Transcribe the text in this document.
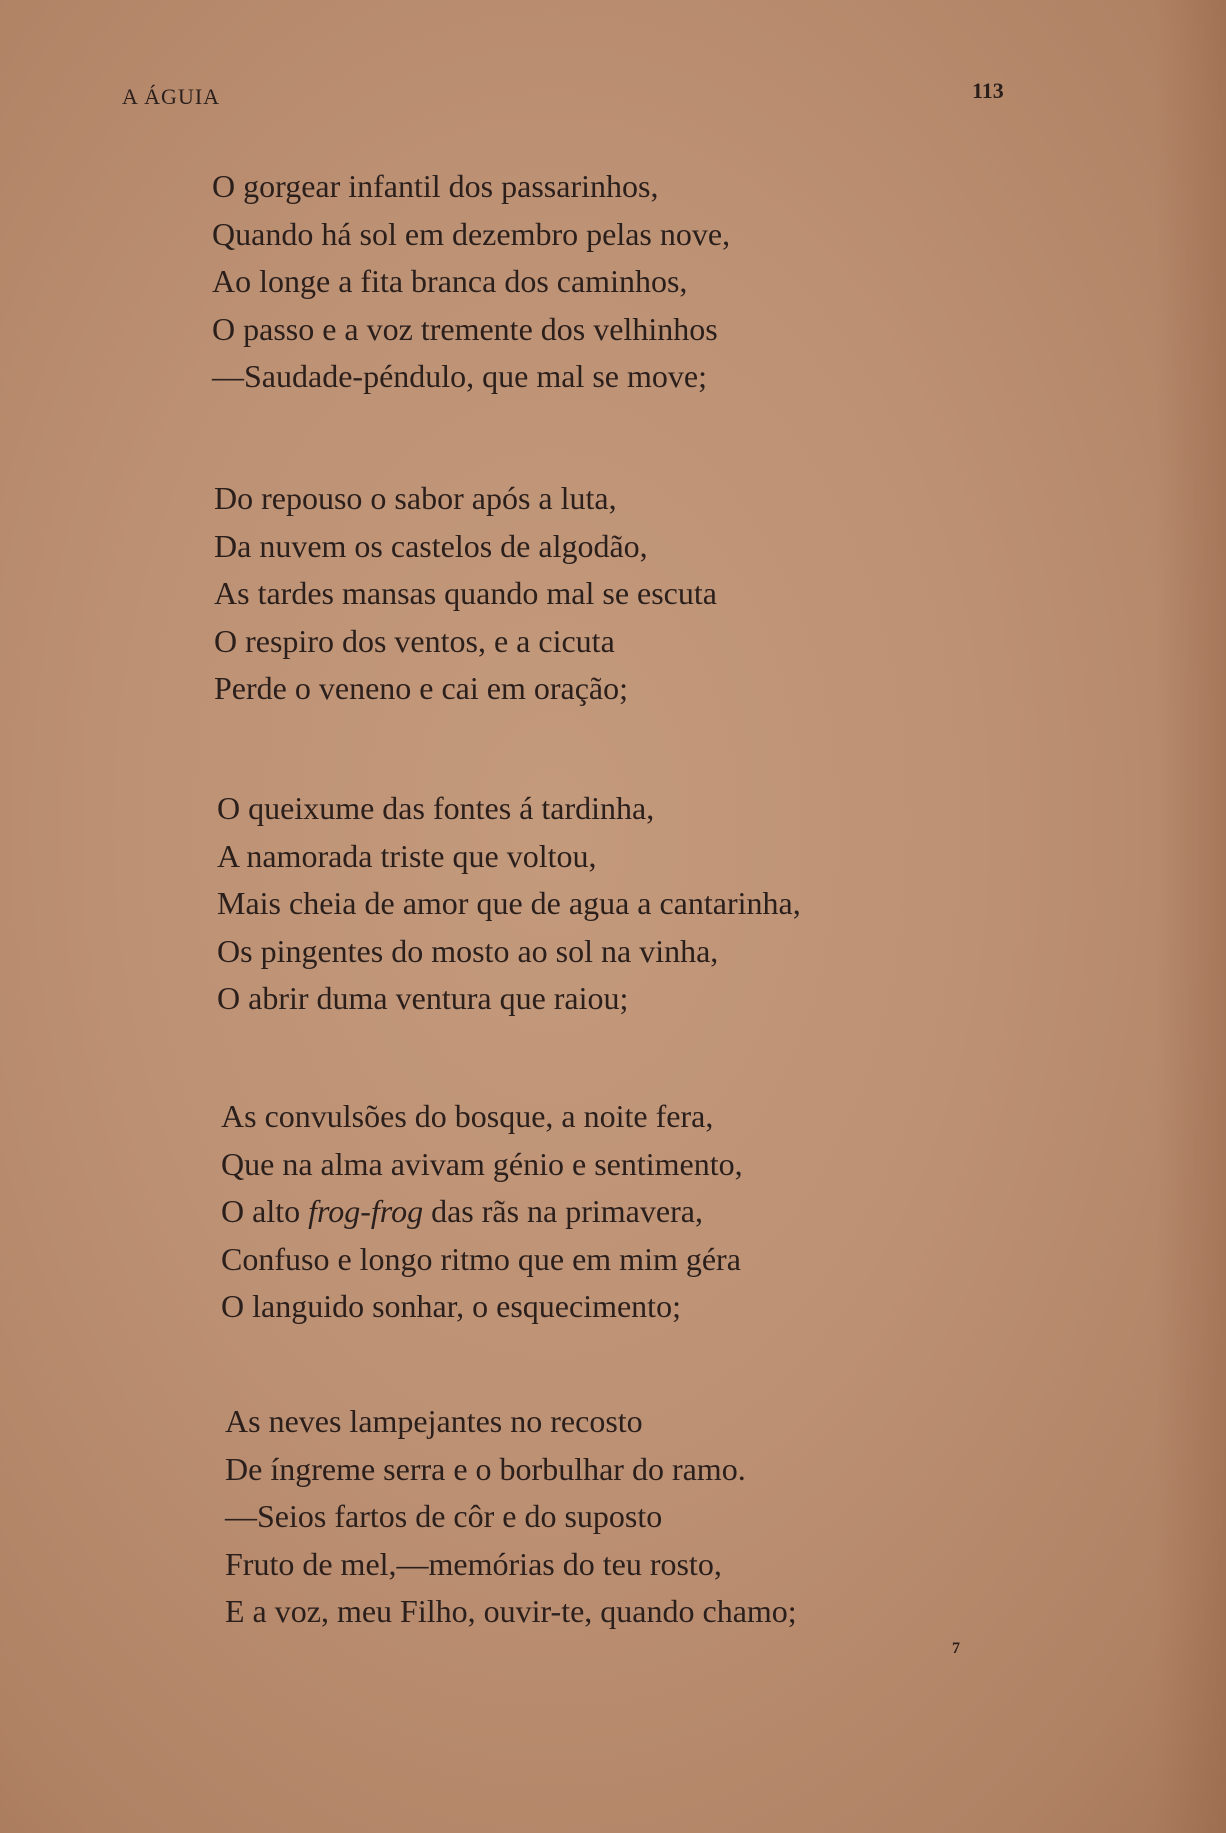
A ÁGUIA	113
O gorgear infantil dos passarinhos,
Quando há sol em dezembro pelas nove,
Ao longe a fita branca dos caminhos,
O passo e a voz tremente dos velhinhos
—Saudade-péndulo, que mal se move;
Do repouso o sabor após a luta,
Da nuvem os castelos de algodão,
As tardes mansas quando mal se escuta
O respiro dos ventos, e a cicuta
Perde o veneno e cai em oração;
O queixume das fontes á tardinha,
A namorada triste que voltou,
Mais cheia de amor que de agua a cantarinha,
Os pingentes do mosto ao sol na vinha,
O abrir duma ventura que raiou;
As convulsões do bosque, a noite fera,
Que na alma avivam génio e sentimento,
O alto frog-frog das rãs na primavera,
Confuso e longo ritmo que em mim géra
O languido sonhar, o esquecimento;
As neves lampejantes no recosto
De íngreme serra e o borbulhar do ramo.
—Seios fartos de côr e do suposto
Fruto de mel,—memórias do teu rosto,
E a voz, meu Filho, ouvir-te, quando chamo;
7
